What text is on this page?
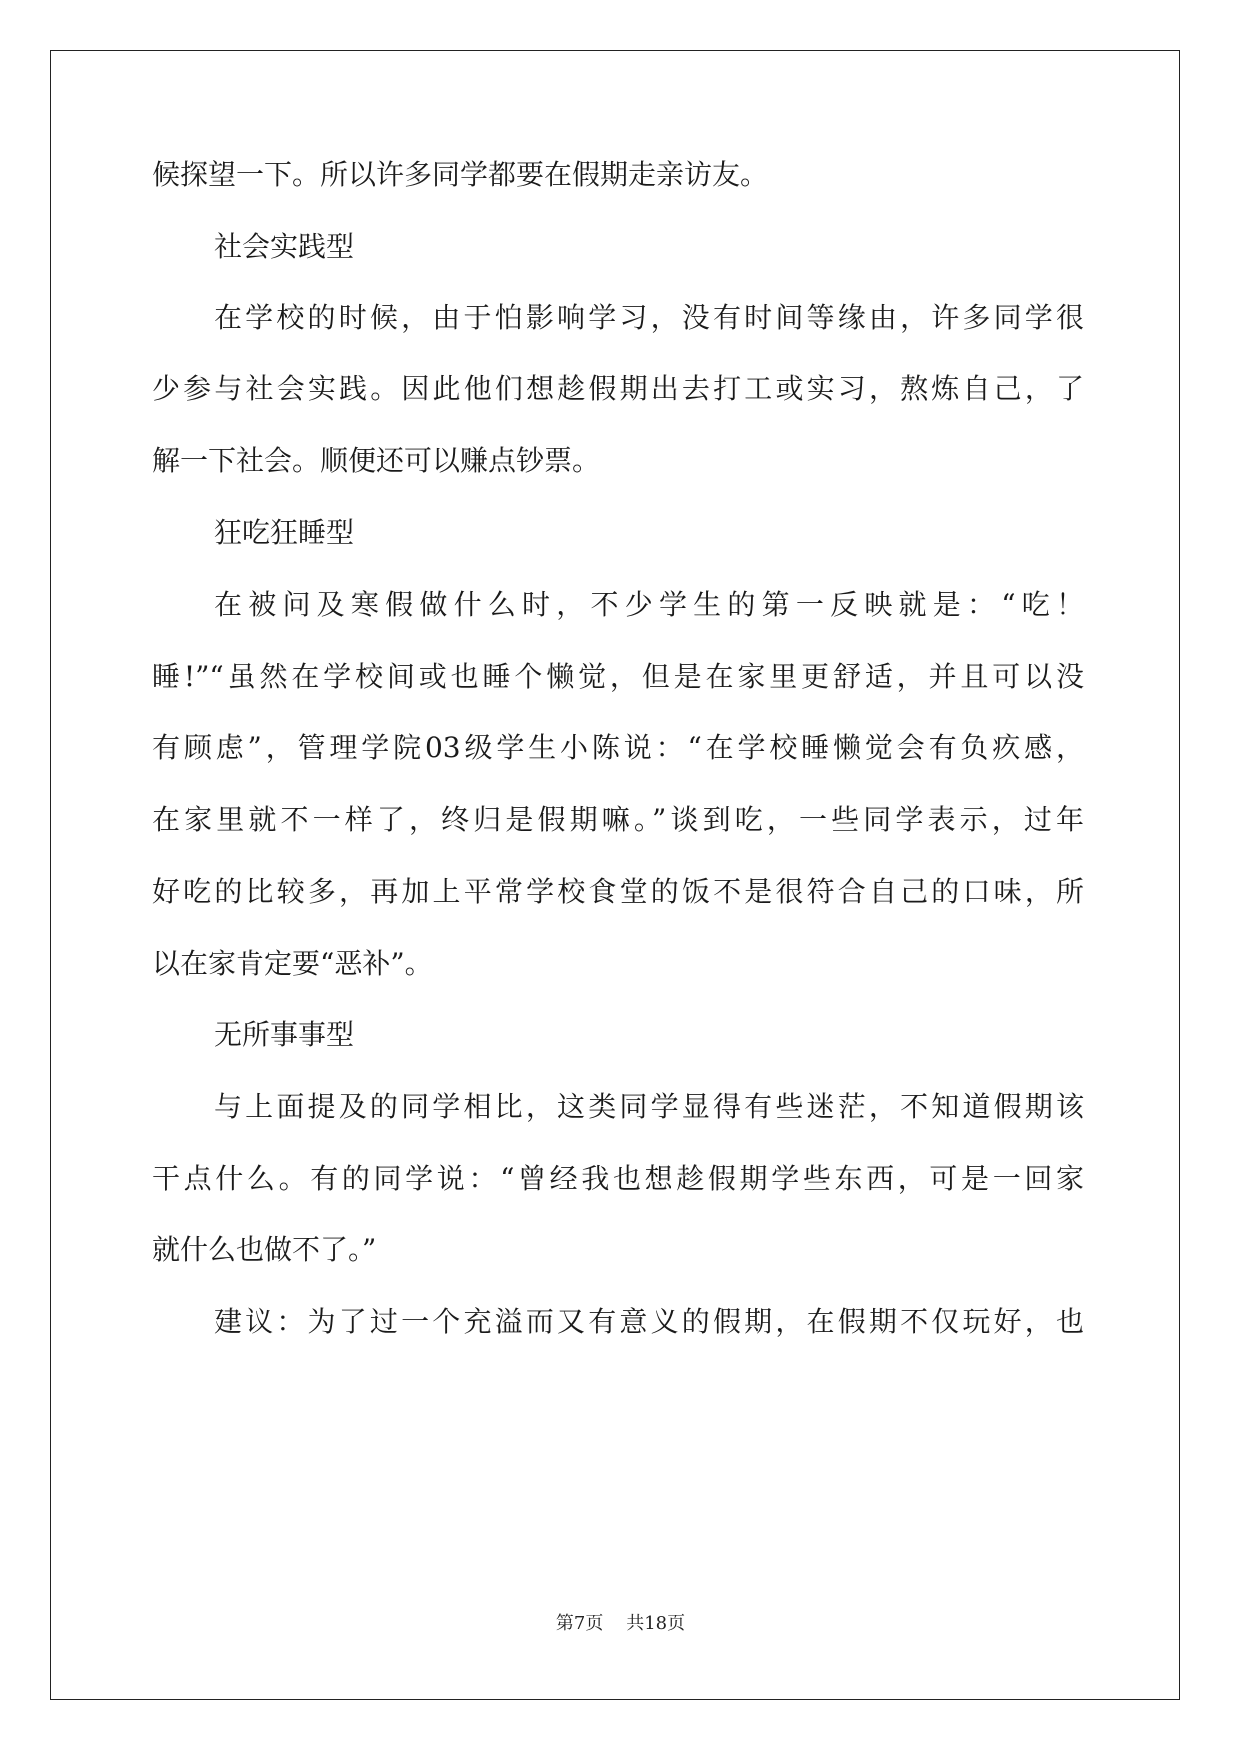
候探望一下。所以许多同学都要在假期走亲访友。
社会实践型
在学校的时候，由于怕影响学习，没有时间等缘由，许多同学很
少参与社会实践。因此他们想趁假期出去打工或实习，熬炼自己，了
解一下社会。顺便还可以赚点钞票。
狂吃狂睡型
在被问及寒假做什么时，不少学生的第一反映就是：“吃！
睡!”“虽然在学校间或也睡个懒觉，但是在家里更舒适，并且可以没
有顾虑”，管理学院03级学生小陈说：“在学校睡懒觉会有负疚感，
在家里就不一样了，终归是假期嘛。”谈到吃，一些同学表示，过年
好吃的比较多，再加上平常学校食堂的饭不是很符合自己的口味，所
以在家肯定要“恶补”。
无所事事型
与上面提及的同学相比，这类同学显得有些迷茫，不知道假期该
干点什么。有的同学说：“曾经我也想趁假期学些东西，可是一回家
就什么也做不了。”
建议：为了过一个充溢而又有意义的假期，在假期不仅玩好，也
第7页 共18页
